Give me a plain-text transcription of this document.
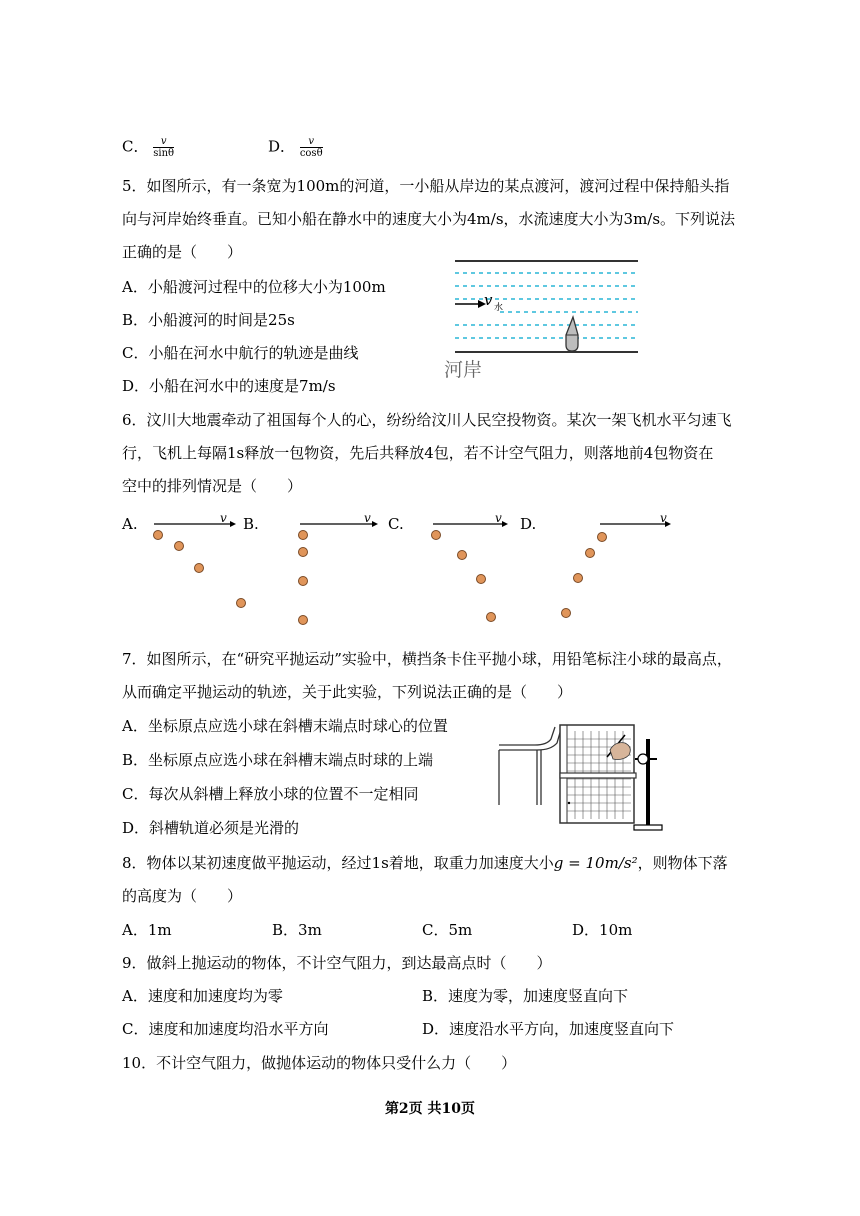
C． $\frac{v}{\sin\theta}$	D． $\frac{v}{\cos\theta}$
5．如图所示，有一条宽为100m的河道，一小船从岸边的某点渡河，渡河过程中保持船头指
向与河岸始终垂直。已知小船在静水中的速度大小为4m/s，水流速度大小为3m/s。下列说法
正确的是（　　）
A．小船渡河过程中的位移大小为100m
B．小船渡河的时间是25s
C．小船在河水中航行的轨迹是曲线
D．小船在河水中的速度是7m/s
v 水
河岸
6．汶川大地震牵动了祖国每个人的心，纷纷给汶川人民空投物资。某次一架飞机水平匀速飞
行，飞机上每隔1s释放一包物资，先后共释放4包，若不计空气阻力，则落地前4包物资在
空中的排列情况是（　　）
A.	B.	C.	D.
v	v	v	v
7．如图所示，在“研究平抛运动”实验中，横挡条卡住平抛小球，用铅笔标注小球的最高点，
从而确定平抛运动的轨迹，关于此实验，下列说法正确的是（　　）
A．坐标原点应选小球在斜槽末端点时球心的位置
B．坐标原点应选小球在斜槽末端点时球的上端
C．每次从斜槽上释放小球的位置不一定相同
D．斜槽轨道必须是光滑的
8．物体以某初速度做平抛运动，经过1s着地，取重力加速度大小g = 10m/s²，则物体下落
的高度为（　　）
A．1m	B．3m	C．5m	D．10m
9．做斜上抛运动的物体，不计空气阻力，到达最高点时（　　）
A．速度和加速度均为零	B．速度为零，加速度竖直向下
C．速度和加速度均沿水平方向	D．速度沿水平方向，加速度竖直向下
10．不计空气阻力，做抛体运动的物体只受什么力（　　）
第2页 共10页
